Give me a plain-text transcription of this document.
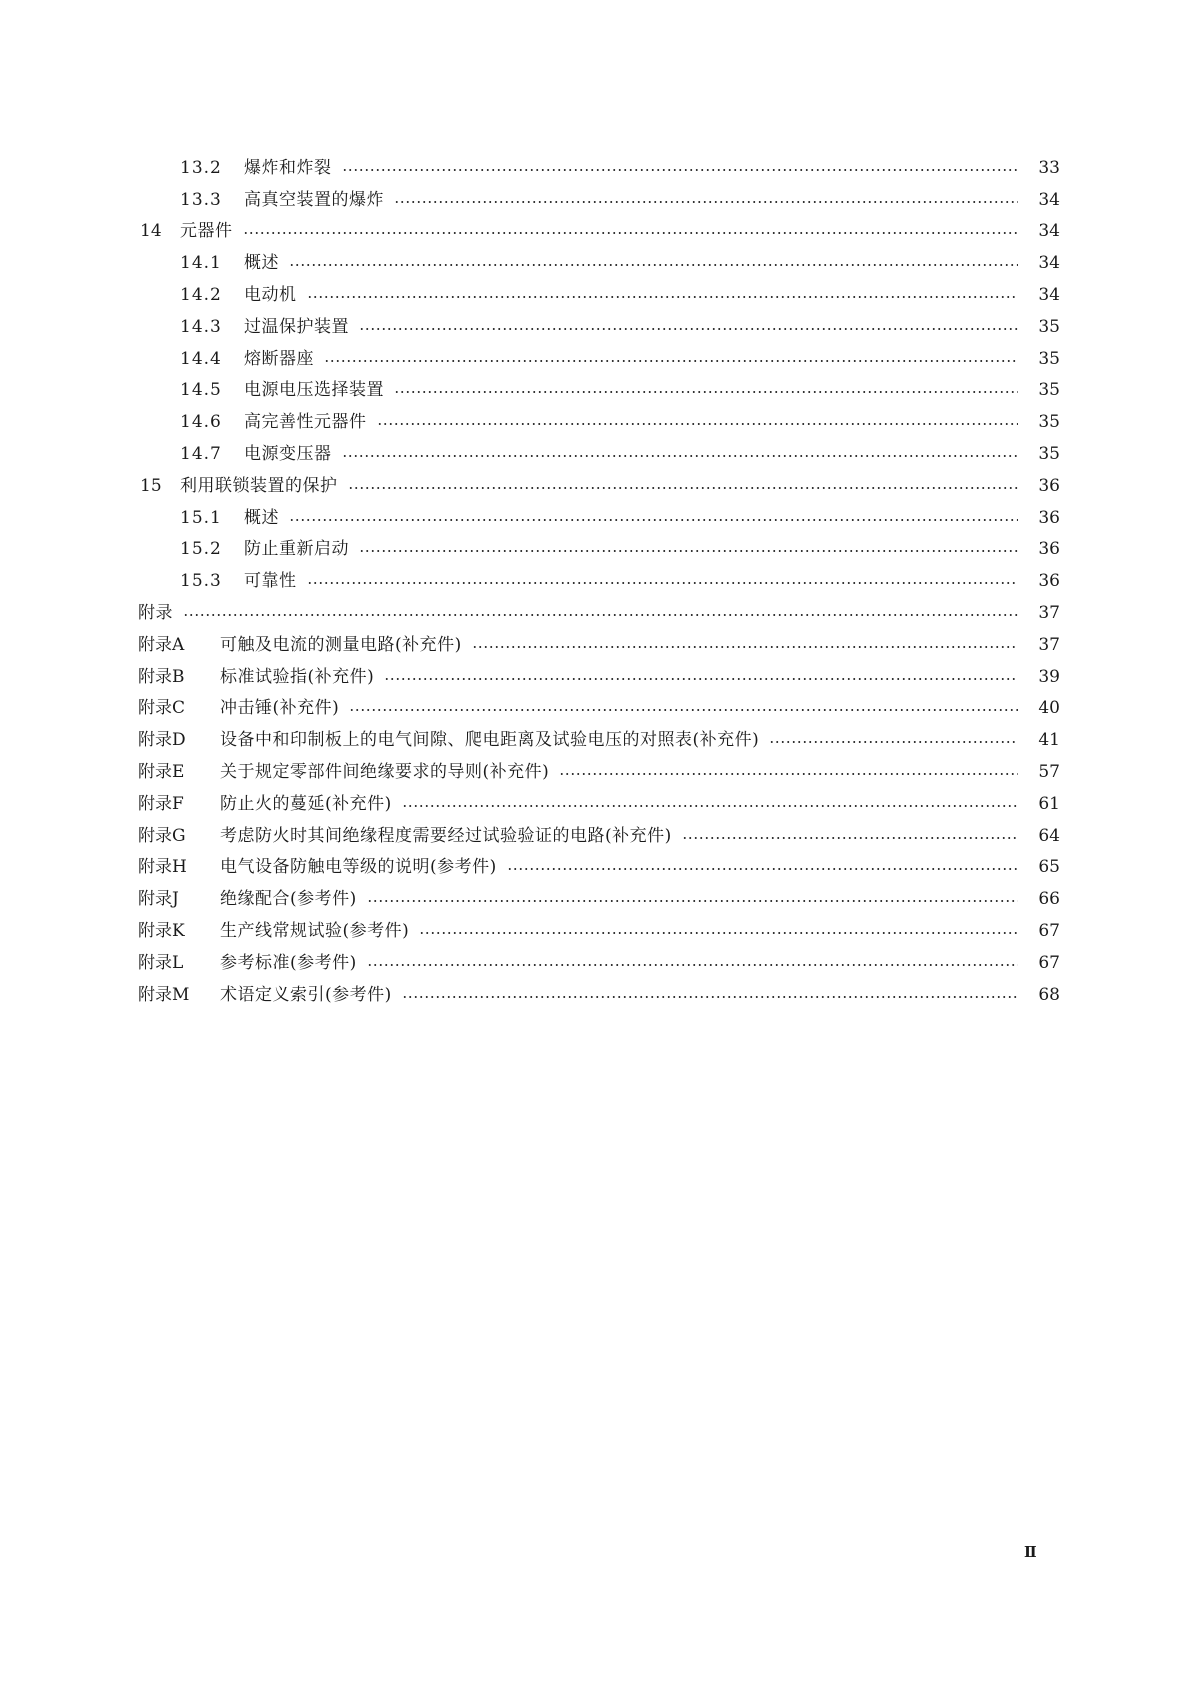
13.2	爆炸和炸裂	33
13.3	高真空装置的爆炸	34
14	元器件	34
14.1	概述	34
14.2	电动机	34
14.3	过温保护装置	35
14.4	熔断器座	35
14.5	电源电压选择装置	35
14.6	高完善性元器件	35
14.7	电源变压器	35
15	利用联锁装置的保护	36
15.1	概述	36
15.2	防止重新启动	36
15.3	可靠性	36
附录	37
附录A	可触及电流的测量电路(补充件)	37
附录B	标准试验指(补充件)	39
附录C	冲击锤(补充件)	40
附录D	设备中和印制板上的电气间隙、爬电距离及试验电压的对照表(补充件)	41
附录E	关于规定零部件间绝缘要求的导则(补充件)	57
附录F	防止火的蔓延(补充件)	61
附录G	考虑防火时其间绝缘程度需要经过试验验证的电路(补充件)	64
附录H	电气设备防触电等级的说明(参考件)	65
附录J	绝缘配合(参考件)	66
附录K	生产线常规试验(参考件)	67
附录L	参考标准(参考件)	67
附录M	术语定义索引(参考件)	68
Ⅱ
